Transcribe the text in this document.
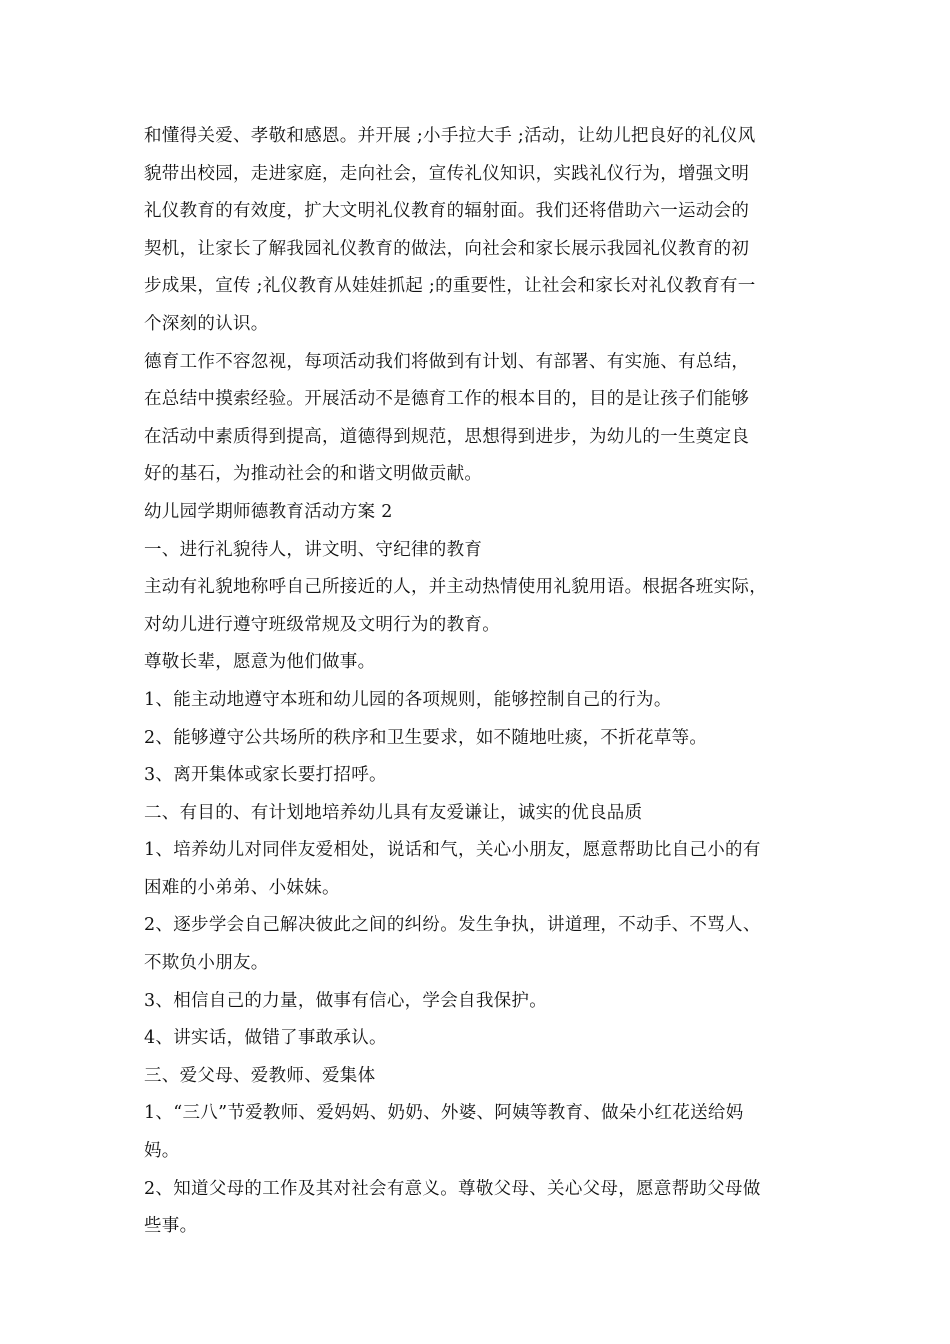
和懂得关爱、孝敬和感恩。并开展 ;小手拉大手 ;活动，让幼儿把良好的礼仪风
貌带出校园，走进家庭，走向社会，宣传礼仪知识，实践礼仪行为，增强文明
礼仪教育的有效度，扩大文明礼仪教育的辐射面。我们还将借助六一运动会的
契机，让家长了解我园礼仪教育的做法，向社会和家长展示我园礼仪教育的初
步成果，宣传 ;礼仪教育从娃娃抓起 ;的重要性，让社会和家长对礼仪教育有一
个深刻的认识。
德育工作不容忽视，每项活动我们将做到有计划、有部署、有实施、有总结，
在总结中摸索经验。开展活动不是德育工作的根本目的，目的是让孩子们能够
在活动中素质得到提高，道德得到规范，思想得到进步，为幼儿的一生奠定良
好的基石，为推动社会的和谐文明做贡献。
幼儿园学期师德教育活动方案 2
一、进行礼貌待人，讲文明、守纪律的教育
主动有礼貌地称呼自己所接近的人，并主动热情使用礼貌用语。根据各班实际，
对幼儿进行遵守班级常规及文明行为的教育。
尊敬长辈，愿意为他们做事。
1、能主动地遵守本班和幼儿园的各项规则，能够控制自己的行为。
2、能够遵守公共场所的秩序和卫生要求，如不随地吐痰，不折花草等。
3、离开集体或家长要打招呼。
二、有目的、有计划地培养幼儿具有友爱谦让，诚实的优良品质
1、培养幼儿对同伴友爱相处，说话和气，关心小朋友，愿意帮助比自己小的有
困难的小弟弟、小妹妹。
2、逐步学会自己解决彼此之间的纠纷。发生争执，讲道理，不动手、不骂人、
不欺负小朋友。
3、相信自己的力量，做事有信心，学会自我保护。
4、讲实话，做错了事敢承认。
三、爱父母、爱教师、爱集体
1、“三八”节爱教师、爱妈妈、奶奶、外婆、阿姨等教育、做朵小红花送给妈
妈。
2、知道父母的工作及其对社会有意义。尊敬父母、关心父母，愿意帮助父母做
些事。
